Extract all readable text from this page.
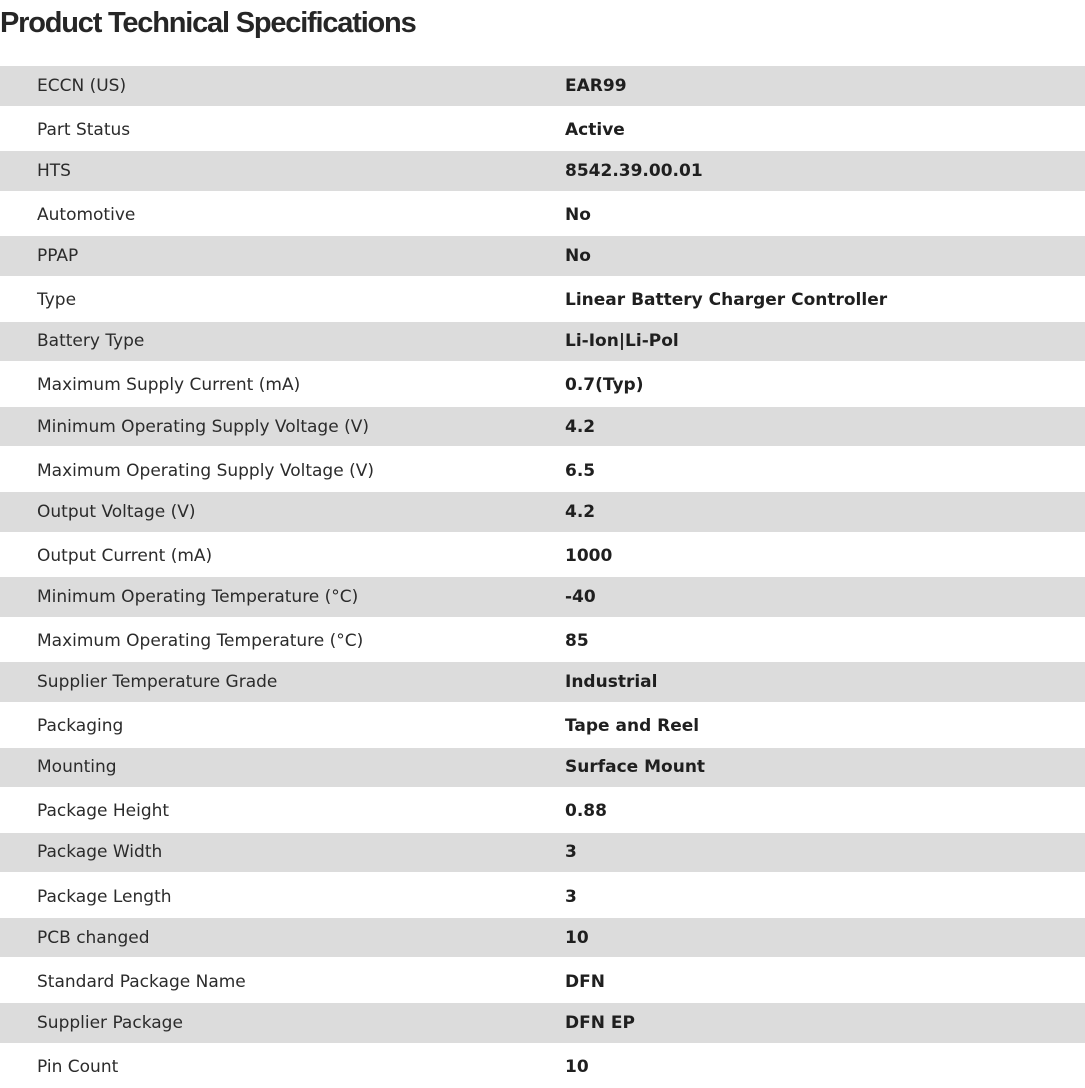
Product Technical Specifications
ECCN (US)	EAR99
Part Status	Active
HTS	8542.39.00.01
Automotive	No
PPAP	No
Type	Linear Battery Charger Controller
Battery Type	Li-Ion|Li-Pol
Maximum Supply Current (mA)	0.7(Typ)
Minimum Operating Supply Voltage (V)	4.2
Maximum Operating Supply Voltage (V)	6.5
Output Voltage (V)	4.2
Output Current (mA)	1000
Minimum Operating Temperature (°C)	-40
Maximum Operating Temperature (°C)	85
Supplier Temperature Grade	Industrial
Packaging	Tape and Reel
Mounting	Surface Mount
Package Height	0.88
Package Width	3
Package Length	3
PCB changed	10
Standard Package Name	DFN
Supplier Package	DFN EP
Pin Count	10
